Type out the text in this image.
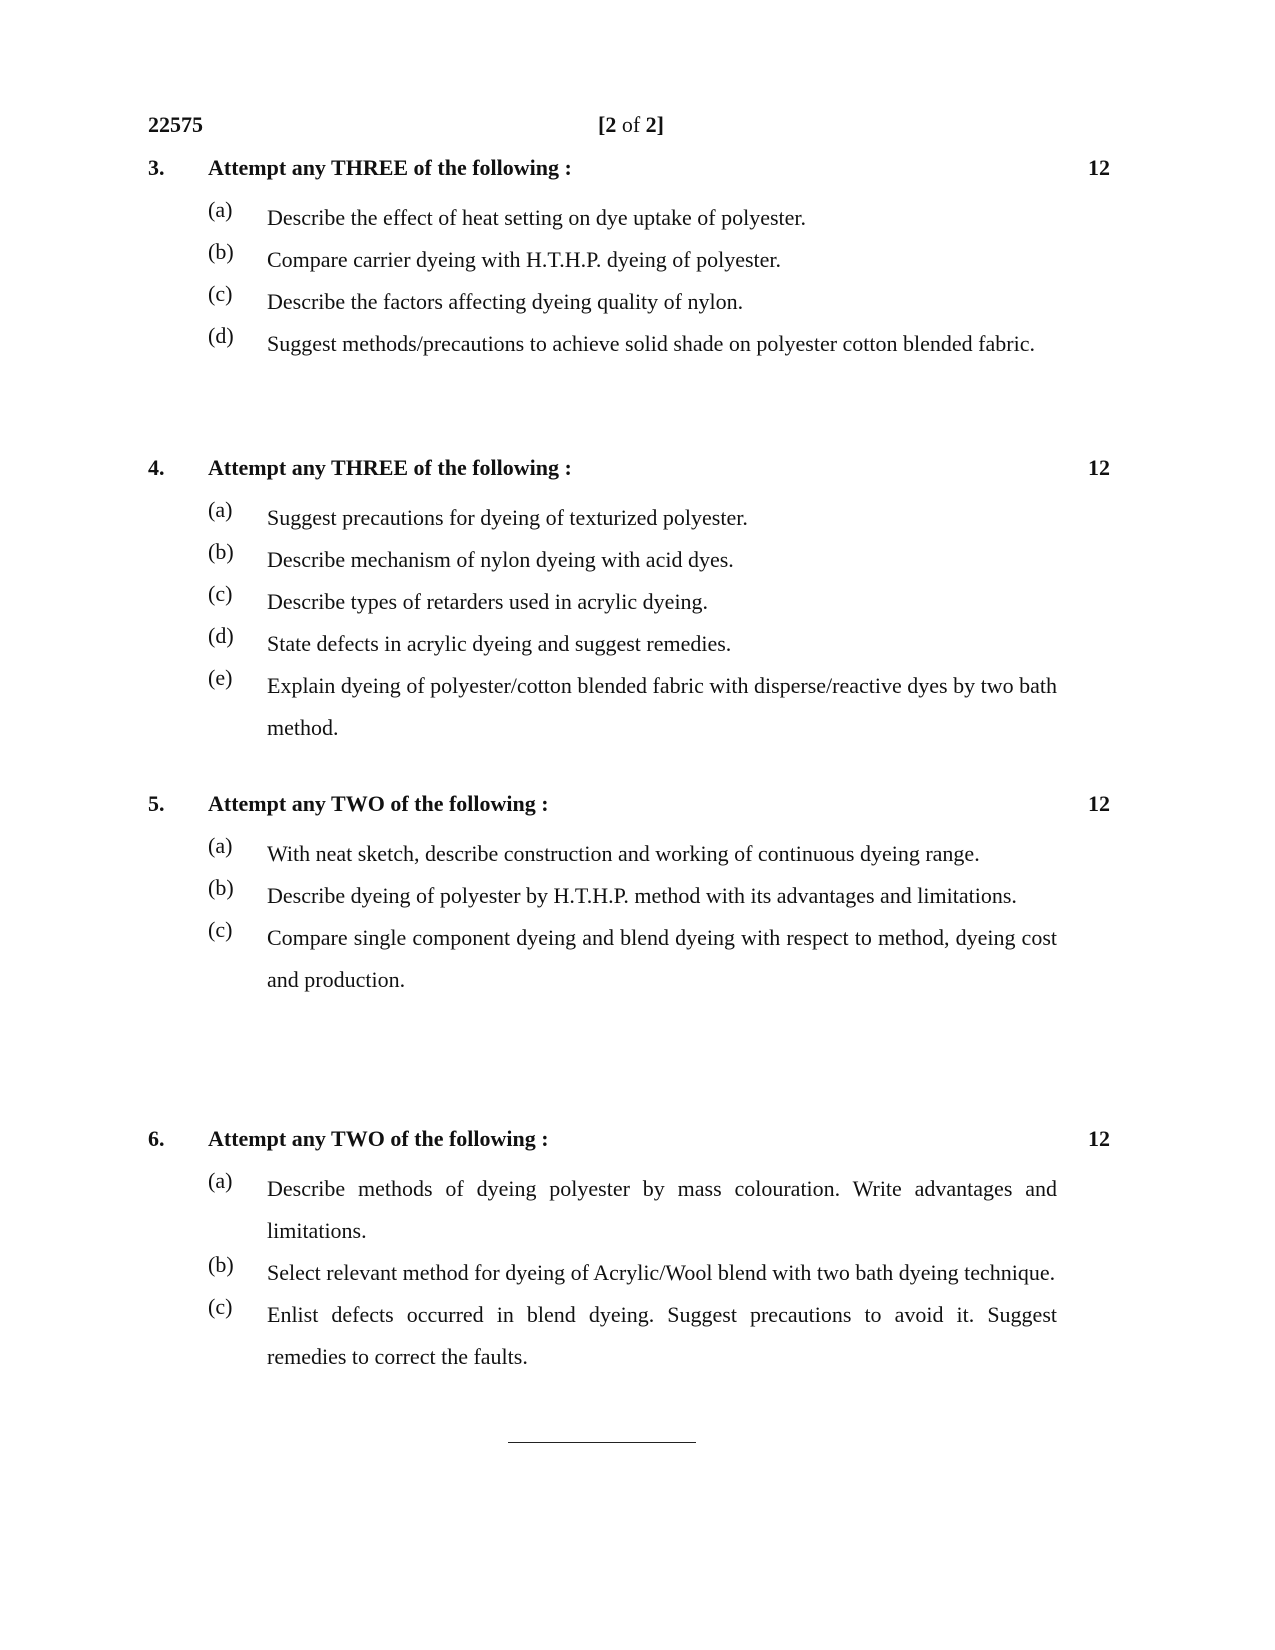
22575	[2 of 2]
3. Attempt any THREE of the following :	12
(a) Describe the effect of heat setting on dye uptake of polyester.
(b) Compare carrier dyeing with H.T.H.P. dyeing of polyester.
(c) Describe the factors affecting dyeing quality of nylon.
(d) Suggest methods/precautions to achieve solid shade on polyester cotton blended fabric.
4. Attempt any THREE of the following :	12
(a) Suggest precautions for dyeing of texturized polyester.
(b) Describe mechanism of nylon dyeing with acid dyes.
(c) Describe types of retarders used in acrylic dyeing.
(d) State defects in acrylic dyeing and suggest remedies.
(e) Explain dyeing of polyester/cotton blended fabric with disperse/reactive dyes by two bath method.
5. Attempt any TWO of the following :	12
(a) With neat sketch, describe construction and working of continuous dyeing range.
(b) Describe dyeing of polyester by H.T.H.P. method with its advantages and limitations.
(c) Compare single component dyeing and blend dyeing with respect to method, dyeing cost and production.
6. Attempt any TWO of the following :	12
(a) Describe methods of dyeing polyester by mass colouration. Write advantages and limitations.
(b) Select relevant method for dyeing of Acrylic/Wool blend with two bath dyeing technique.
(c) Enlist defects occurred in blend dyeing. Suggest precautions to avoid it. Suggest remedies to correct the faults.
